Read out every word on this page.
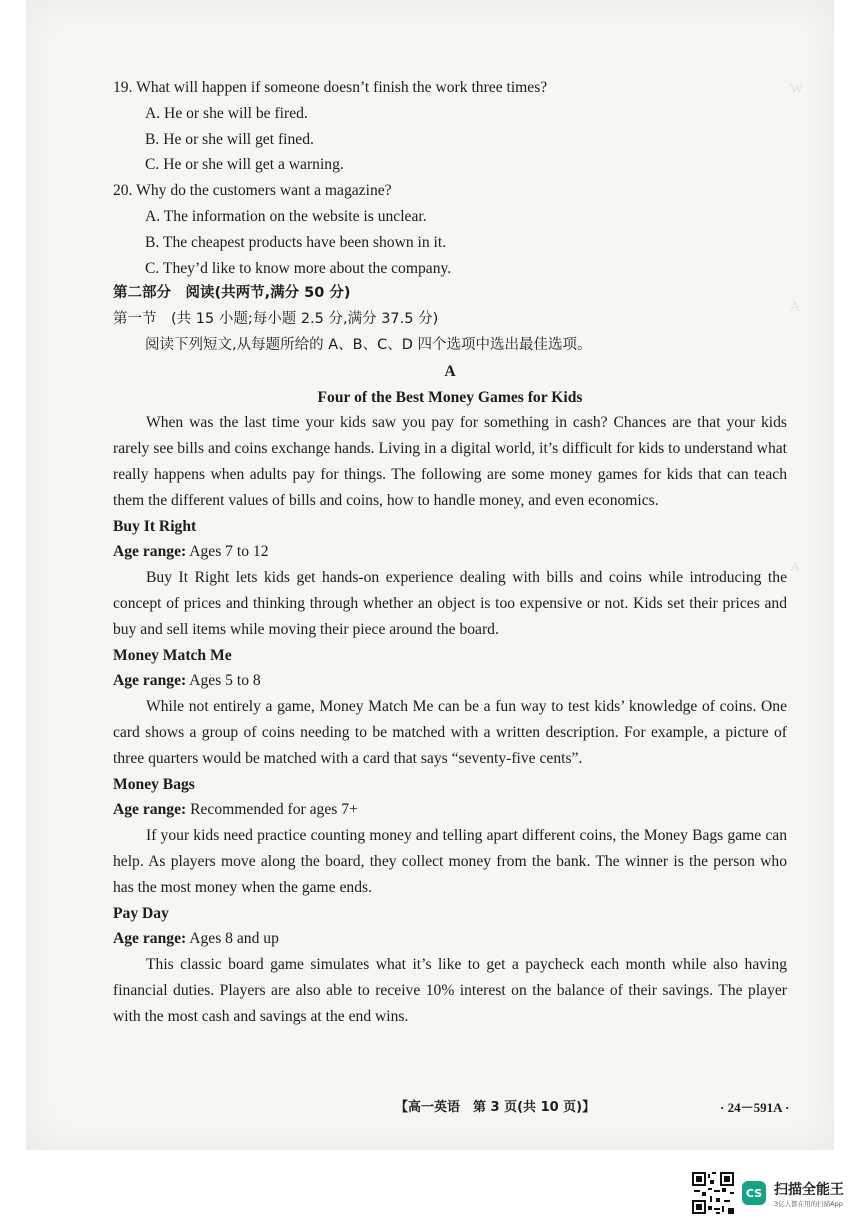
W
A
A
19. What will happen if someone doesn’t finish the work three times?
A. He or she will be fired.
B. He or she will get fined.
C. He or she will get a warning.
20. Why do the customers want a magazine?
A. The information on the website is unclear.
B. The cheapest products have been shown in it.
C. They’d like to know more about the company.
第二部分　阅读(共两节,满分 50 分)
第一节　(共 15 小题;每小题 2.5 分,满分 37.5 分)
阅读下列短文,从每题所给的 A、B、C、D 四个选项中选出最佳选项。
A
Four of the Best Money Games for Kids

When was the last time your kids saw you pay for something in cash? Chances are that your kids rarely see bills and coins exchange hands. Living in a digital world, it’s difficult for kids to understand what really happens when adults pay for things. The following are some money games for kids that can teach them the different values of bills and coins, how to handle money, and even economics.

Buy It Right
Age range: Ages 7 to 12

Buy It Right lets kids get hands-on experience dealing with bills and coins while introducing the concept of prices and thinking through whether an object is too expensive or not. Kids set their prices and buy and sell items while moving their piece around the board.

Money Match Me
Age range: Ages 5 to 8

While not entirely a game, Money Match Me can be a fun way to test kids’ knowledge of coins. One card shows a group of coins needing to be matched with a written description. For example, a picture of three quarters would be matched with a card that says “seventy-five cents”.

Money Bags
Age range: Recommended for ages 7+

If your kids need practice counting money and telling apart different coins, the Money Bags game can help. As players move along the board, they collect money from the bank. The winner is the person who has the most money when the game ends.

Pay Day
Age range: Ages 8 and up

This classic board game simulates what it’s like to get a paycheck each month while also having financial duties. Players are also able to receive 10% interest on the balance of their savings. The player with the most cash and savings at the end wins.

【高一英语　第 3 页(共 10 页)】	· 24－591A ·
CS 扫描全能王
3亿人都在用的扫描App
